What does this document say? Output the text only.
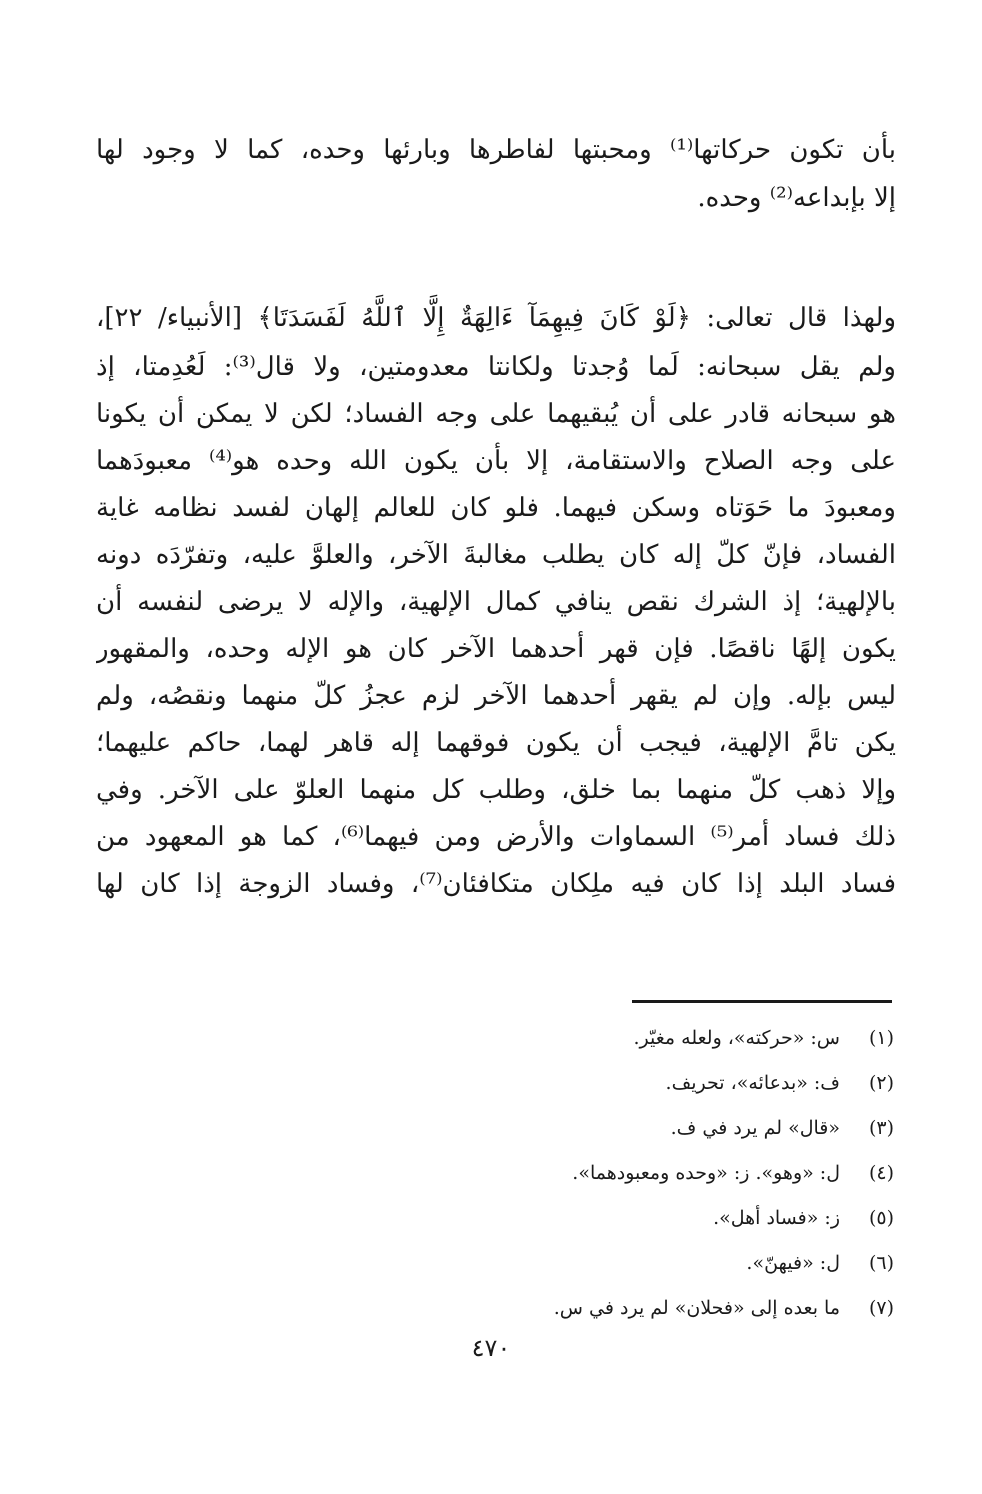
بأن تكون حركاتها⁽¹⁾ ومحبتها لفاطرها وبارئها وحده، كما لا وجود لها
إلا بإبداعه⁽²⁾ وحده.
ولهذا قال تعالى: ﴿لَوْ كَانَ فِيهِمَآ ءَالِهَةٌ إِلَّا ٱللَّهُ لَفَسَدَتَا﴾ [الأنبياء/ ٢٢]،
ولم يقل سبحانه: لَما وُجدتا ولكانتا معدومتين، ولا قال⁽³⁾: لَعُدِمتا، إذ
هو سبحانه قادر على أن يُبقيهما على وجه الفساد؛ لكن لا يمكن أن يكونا
على وجه الصلاح والاستقامة، إلا بأن يكون الله وحده هو⁽⁴⁾ معبودَهما
ومعبودَ ما حَوَتاه وسكن فيهما. فلو كان للعالم إلهان لفسد نظامه غاية
الفساد، فإنّ كلّ إله كان يطلب مغالبةَ الآخر، والعلوَّ عليه، وتفرّدَه دونه
بالإلهية؛ إذ الشرك نقص ينافي كمال الإلهية، والإله لا يرضى لنفسه أن
يكون إلهًا ناقصًا. فإن قهر أحدهما الآخر كان هو الإله وحده، والمقهور
ليس بإله. وإن لم يقهر أحدهما الآخر لزم عجزُ كلّ منهما ونقصُه، ولم
يكن تامَّ الإلهية، فيجب أن يكون فوقهما إله قاهر لهما، حاكم عليهما؛
وإلا ذهب كلّ منهما بما خلق، وطلب كل منهما العلوّ على الآخر. وفي
ذلك فساد أمر⁽⁵⁾ السماوات والأرض ومن فيهما⁽⁶⁾، كما هو المعهود من
فساد البلد إذا كان فيه ملِكان متكافئان⁽⁷⁾، وفساد الزوجة إذا كان لها
(١)
س: «حركته»، ولعله مغيّر.
(٢)
ف: «بدعائه»، تحريف.
(٣)
«قال» لم يرد في ف.
(٤)
ل: «وهو». ز: «وحده ومعبودهما».
(٥)
ز: «فساد أهل».
(٦)
ل: «فيهنّ».
(٧)
ما بعده إلى «فحلان» لم يرد في س.
٤٧٠
